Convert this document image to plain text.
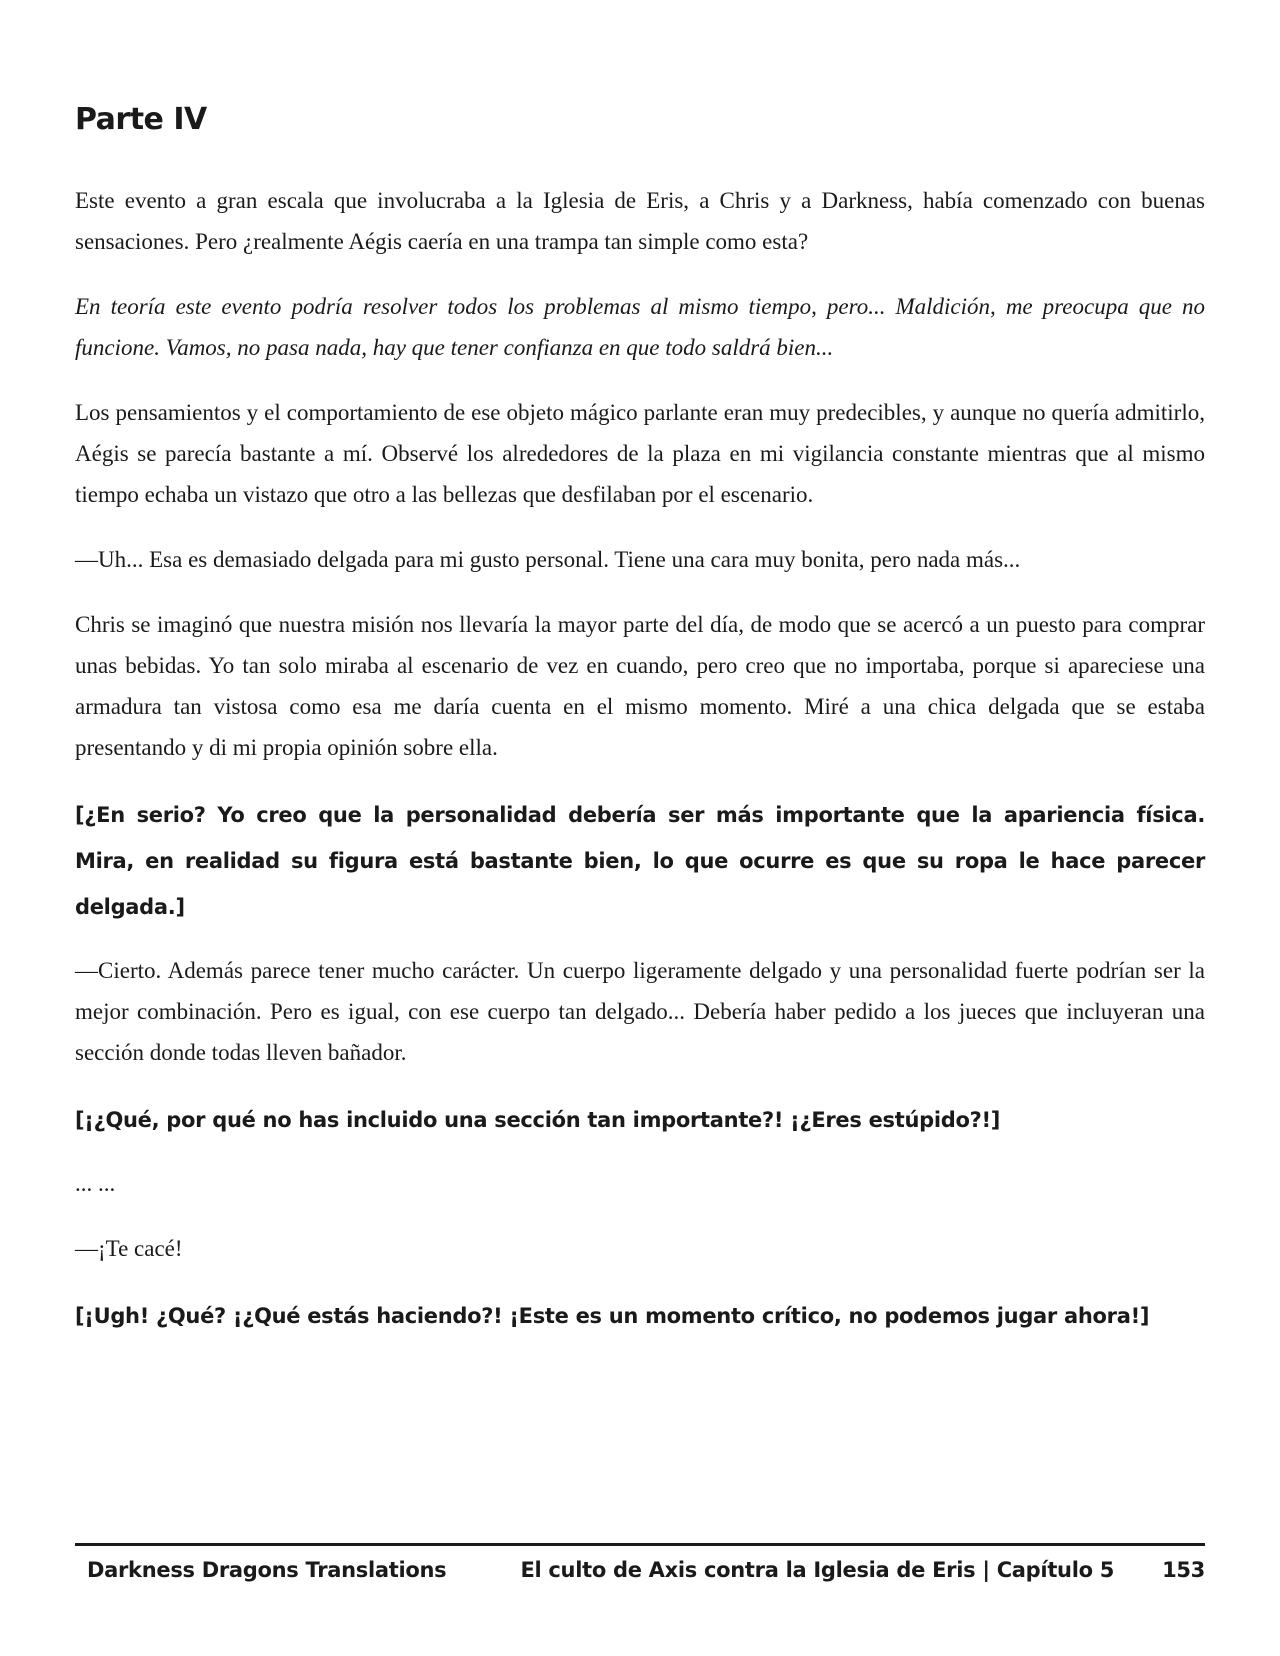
Parte IV

Este evento a gran escala que involucraba a la Iglesia de Eris, a Chris y a Darkness, había comenzado con buenas sensaciones. Pero ¿realmente Aégis caería en una trampa tan simple como esta?

En teoría este evento podría resolver todos los problemas al mismo tiempo, pero... Maldición, me preocupa que no funcione. Vamos, no pasa nada, hay que tener confianza en que todo saldrá bien...

Los pensamientos y el comportamiento de ese objeto mágico parlante eran muy predecibles, y aunque no quería admitirlo, Aégis se parecía bastante a mí. Observé los alrededores de la plaza en mi vigilancia constante mientras que al mismo tiempo echaba un vistazo que otro a las bellezas que desfilaban por el escenario.

—Uh... Esa es demasiado delgada para mi gusto personal. Tiene una cara muy bonita, pero nada más...

Chris se imaginó que nuestra misión nos llevaría la mayor parte del día, de modo que se acercó a un puesto para comprar unas bebidas. Yo tan solo miraba al escenario de vez en cuando, pero creo que no importaba, porque si apareciese una armadura tan vistosa como esa me daría cuenta en el mismo momento. Miré a una chica delgada que se estaba presentando y di mi propia opinión sobre ella.

[¿En serio? Yo creo que la personalidad debería ser más importante que la apariencia física. Mira, en realidad su figura está bastante bien, lo que ocurre es que su ropa le hace parecer delgada.]

—Cierto. Además parece tener mucho carácter. Un cuerpo ligeramente delgado y una personalidad fuerte podrían ser la mejor combinación. Pero es igual, con ese cuerpo tan delgado... Debería haber pedido a los jueces que incluyeran una sección donde todas lleven bañador.

[¡¿Qué, por qué no has incluido una sección tan importante?! ¡¿Eres estúpido?!]

... ...

—¡Te cacé!

[¡Ugh! ¿Qué? ¡¿Qué estás haciendo?! ¡Este es un momento crítico, no podemos jugar ahora!]

Darkness Dragons Translations	El culto de Axis contra la Iglesia de Eris | Capítulo 5 153
